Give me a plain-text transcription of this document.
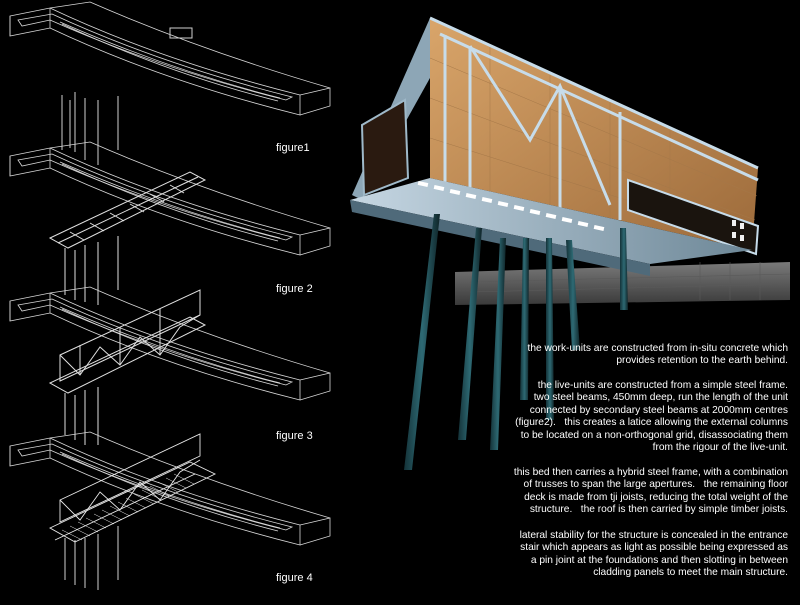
figure1
figure 2
figure 3
figure 4
the work-units are constructed from in-situ concrete which
provides retention to the earth behind.
the live-units are constructed from a simple steel frame.
two steel beams, 450mm deep, run the length of the unit
connected by secondary steel beams at 2000mm centres
(figure2).   this creates a latice allowing the external columns
to be located on a non-orthogonal grid, disassociating them
from the rigour of the live-unit.
this bed then carries a hybrid steel frame, with a combination
of trusses to span the large apertures.   the remaining floor
deck is made from tji joists, reducing the total weight of the
structure.   the roof is then carried by simple timber joists.
lateral stability for the structure is concealed in the entrance
stair which appears as light as possible being expressed as
a pin joint at the foundations and then slotting in between
cladding panels to meet the main structure.
